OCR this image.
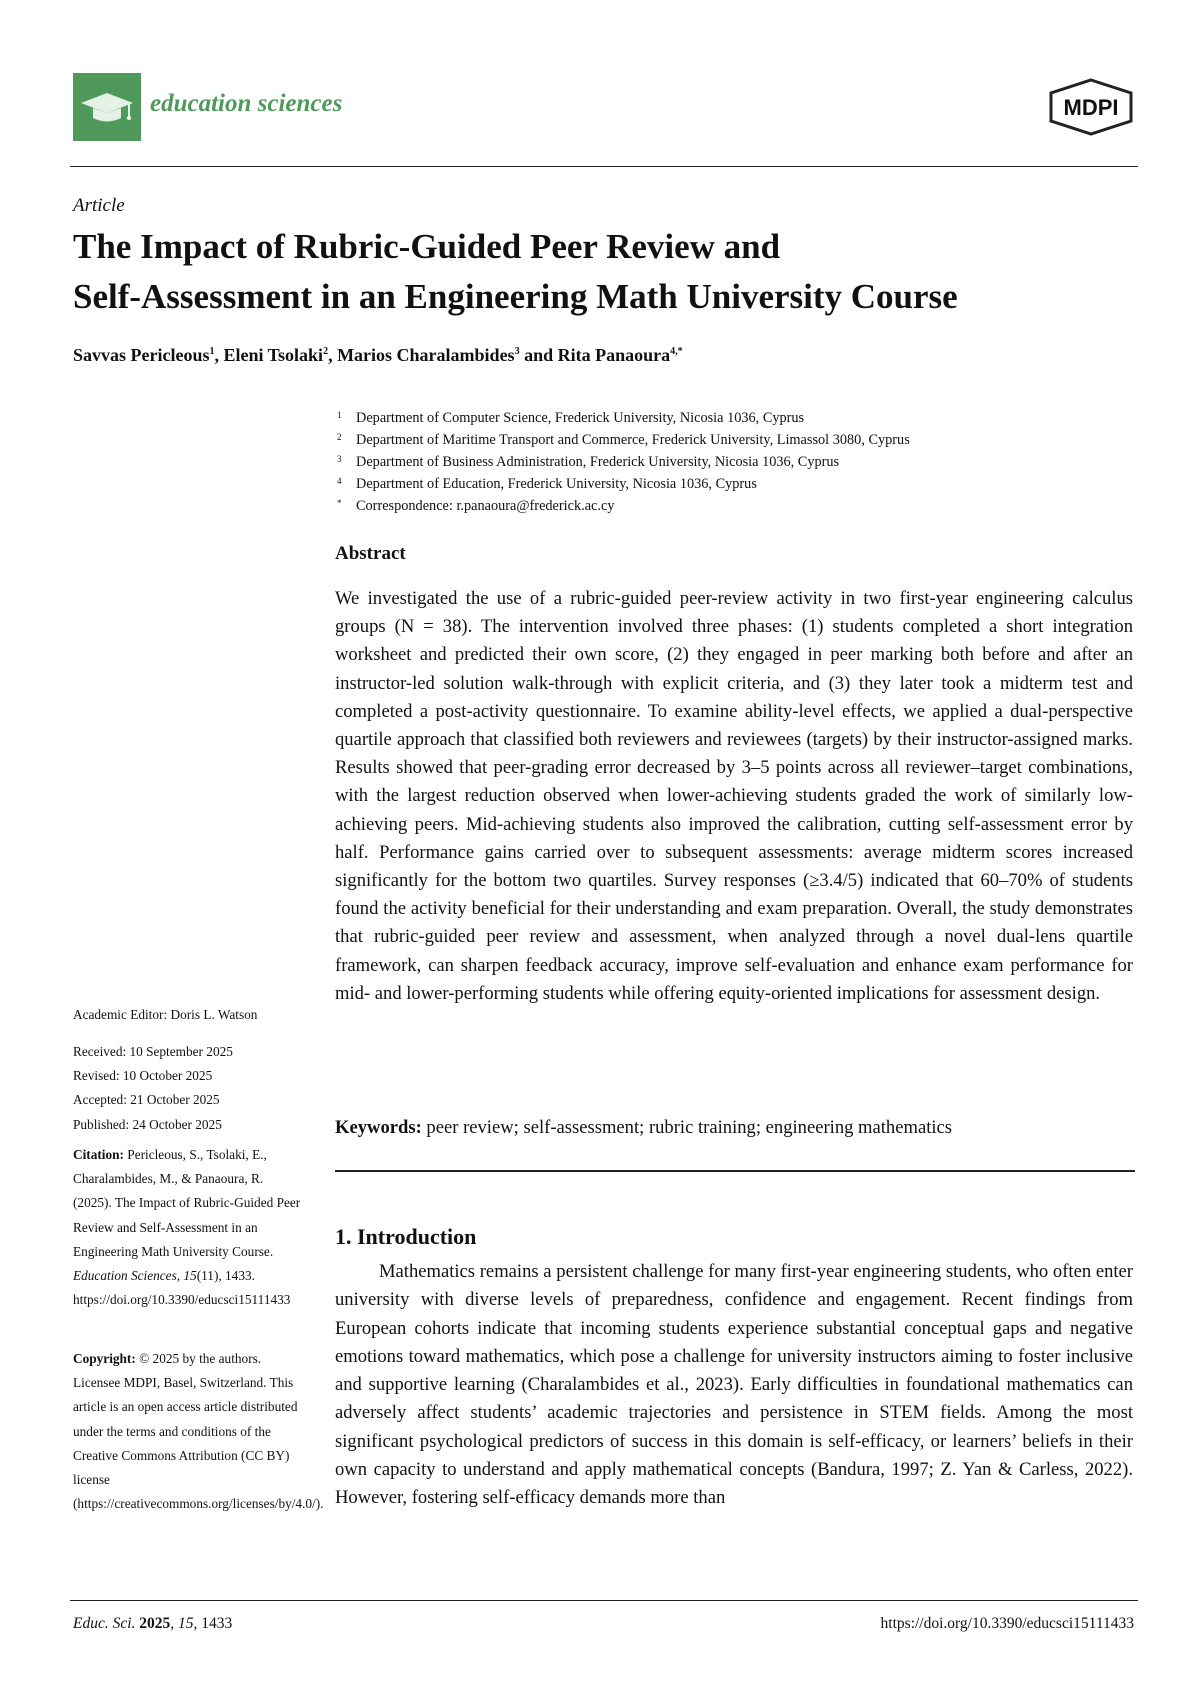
education sciences	MDPI
Article
The Impact of Rubric-Guided Peer Review and
Self-Assessment in an Engineering Math University Course
Savvas Pericleous$^1$, Eleni Tsolaki$^2$, Marios Charalambides$^3$ and Rita Panaoura$^{4,*}$
1 Department of Computer Science, Frederick University, Nicosia 1036, Cyprus
2 Department of Maritime Transport and Commerce, Frederick University, Limassol 3080, Cyprus
3 Department of Business Administration, Frederick University, Nicosia 1036, Cyprus
4 Department of Education, Frederick University, Nicosia 1036, Cyprus
* Correspondence: r.panaoura@frederick.ac.cy
Abstract
We investigated the use of a rubric-guided peer-review activity in two first-year engineering calculus groups (N = 38). The intervention involved three phases: (1) students completed a short integration worksheet and predicted their own score, (2) they engaged in peer marking both before and after an instructor-led solution walk-through with explicit criteria, and (3) they later took a midterm test and completed a post-activity questionnaire. To examine ability-level effects, we applied a dual-perspective quartile approach that classified both reviewers and reviewees (targets) by their instructor-assigned marks. Results showed that peer-grading error decreased by 3–5 points across all reviewer–target combinations, with the largest reduction observed when lower-achieving students graded the work of similarly low-achieving peers. Mid-achieving students also improved the calibration, cutting self-assessment error by half. Performance gains carried over to subsequent assessments: average midterm scores increased significantly for the bottom two quartiles. Survey responses (≥3.4/5) indicated that 60–70% of students found the activity beneficial for their understanding and exam preparation. Overall, the study demonstrates that rubric-guided peer review and assessment, when analyzed through a novel dual-lens quartile framework, can sharpen feedback accuracy, improve self-evaluation and enhance exam performance for mid- and lower-performing students while offering equity-oriented implications for assessment design.
Keywords: peer review; self-assessment; rubric training; engineering mathematics
1. Introduction
Mathematics remains a persistent challenge for many first-year engineering students, who often enter university with diverse levels of preparedness, confidence and engagement. Recent findings from European cohorts indicate that incoming students experience substantial conceptual gaps and negative emotions toward mathematics, which pose a challenge for university instructors aiming to foster inclusive and supportive learning (Charalambides et al., 2023). Early difficulties in foundational mathematics can adversely affect students’ academic trajectories and persistence in STEM fields. Among the most significant psychological predictors of success in this domain is self-efficacy, or learners’ beliefs in their own capacity to understand and apply mathematical concepts (Bandura, 1997; Z. Yan & Carless, 2022). However, fostering self-efficacy demands more than
Academic Editor: Doris L. Watson
Received: 10 September 2025
Revised: 10 October 2025
Accepted: 21 October 2025
Published: 24 October 2025
Citation: Pericleous, S., Tsolaki, E., Charalambides, M., & Panaoura, R. (2025). The Impact of Rubric-Guided Peer Review and Self-Assessment in an Engineering Math University Course. Education Sciences, 15(11), 1433. https://doi.org/10.3390/educsci15111433
Copyright: © 2025 by the authors. Licensee MDPI, Basel, Switzerland. This article is an open access article distributed under the terms and conditions of the Creative Commons Attribution (CC BY) license (https://creativecommons.org/licenses/by/4.0/).
Educ. Sci. 2025, 15, 1433	https://doi.org/10.3390/educsci15111433
